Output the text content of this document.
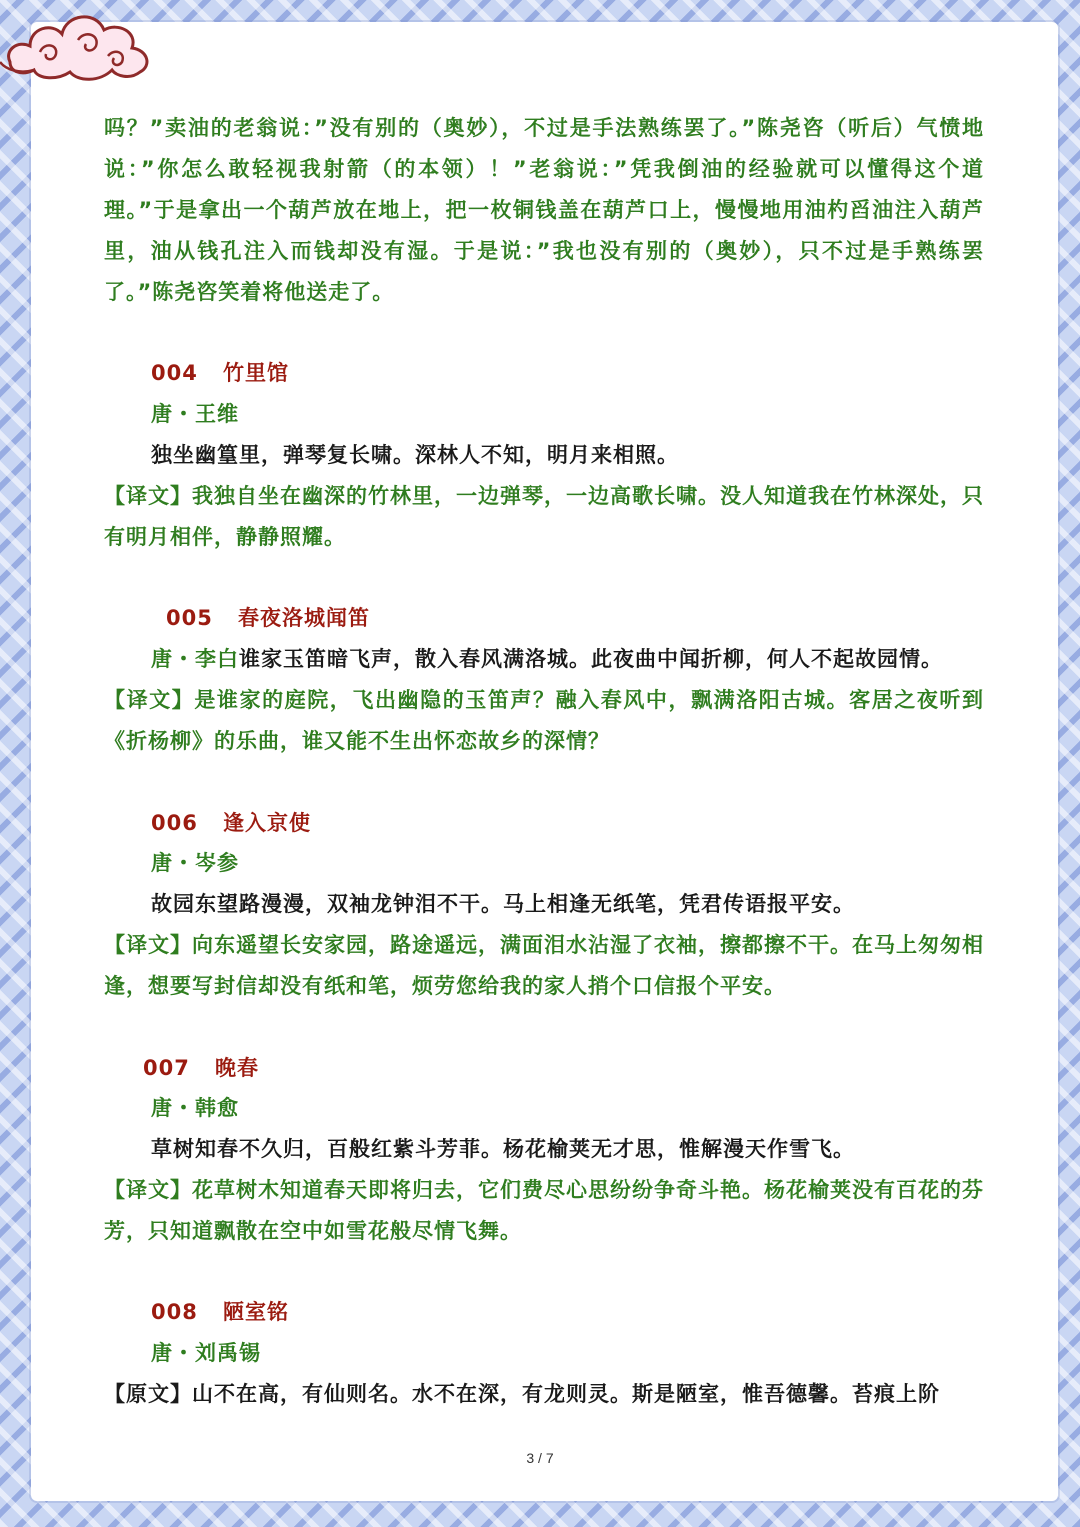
吗？”卖油的老翁说：”没有别的（奥妙），不过是手法熟练罢了。”陈尧咨（听后）气愤地说：”你怎么敢轻视我射箭（的本领）！”老翁说：”凭我倒油的经验就可以懂得这个道理。”于是拿出一个葫芦放在地上，把一枚铜钱盖在葫芦口上，慢慢地用油杓舀油注入葫芦里，油从钱孔注入而钱却没有湿。于是说：”我也没有别的（奥妙），只不过是手熟练罢了。”陈尧咨笑着将他送走了。
004 竹里馆
唐・王维
独坐幽篁里，弹琴复长啸。深林人不知，明月来相照。
【译文】我独自坐在幽深的竹林里，一边弹琴，一边高歌长啸。没人知道我在竹林深处，只有明月相伴，静静照耀。
005 春夜洛城闻笛
唐・李白谁家玉笛暗飞声，散入春风满洛城。此夜曲中闻折柳，何人不起故园情。
【译文】是谁家的庭院，飞出幽隐的玉笛声？融入春风中，飘满洛阳古城。客居之夜听到《折杨柳》的乐曲，谁又能不生出怀恋故乡的深情？
006 逢入京使
唐・岑参
故园东望路漫漫，双袖龙钟泪不干。马上相逢无纸笔，凭君传语报平安。
【译文】向东遥望长安家园，路途遥远，满面泪水沾湿了衣袖，擦都擦不干。在马上匆匆相逢，想要写封信却没有纸和笔，烦劳您给我的家人捎个口信报个平安。
007 晚春
唐・韩愈
草树知春不久归，百般红紫斗芳菲。杨花榆荚无才思，惟解漫天作雪飞。
【译文】花草树木知道春天即将归去，它们费尽心思纷纷争奇斗艳。杨花榆荚没有百花的芬芳，只知道飘散在空中如雪花般尽情飞舞。
008 陋室铭
唐・刘禹锡
【原文】山不在高，有仙则名。水不在深，有龙则灵。斯是陋室，惟吾德馨。苔痕上阶
3 / 7
